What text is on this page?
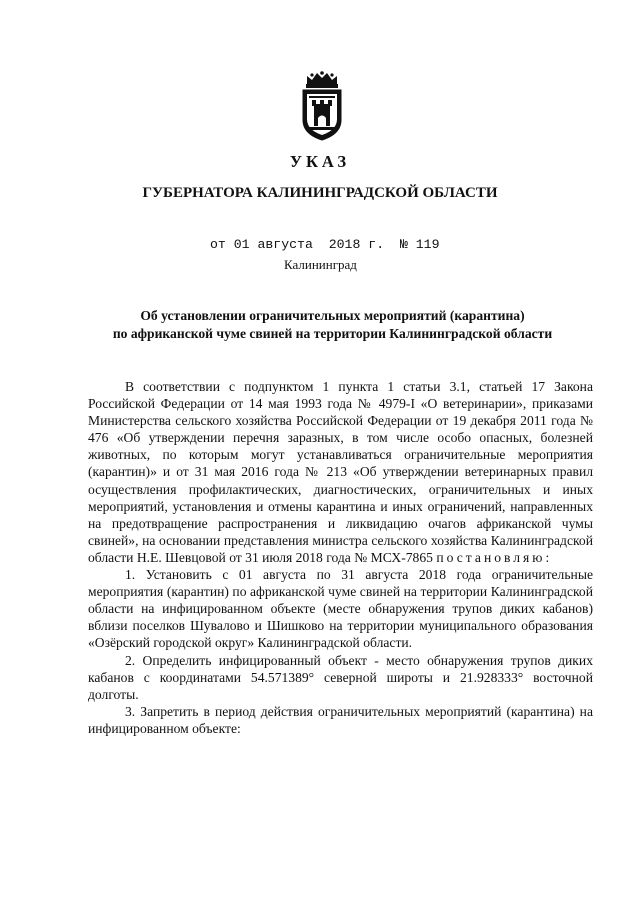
УКАЗ
ГУБЕРНАТОРА КАЛИНИНГРАДСКОЙ ОБЛАСТИ
от 01 августа  2018 г.  № 119
Калининград
Об установлении ограничительных мероприятий (карантина)
по африканской чуме свиней на территории Калининградской области

В соответствии с подпунктом 1 пункта 1 статьи 3.1, статьей 17 Закона Российской Федерации от 14 мая 1993 года № 4979-I «О ветеринарии», приказами Министерства сельского хозяйства Российской Федерации от 19 декабря 2011 года № 476 «Об утверждении перечня заразных, в том числе особо опасных, болезней животных, по которым могут устанавливаться ограничительные мероприятия (карантин)» и от 31 мая 2016 года № 213 «Об утверждении ветеринарных правил осуществления профилактических, диагностических, ограничительных и иных мероприятий, установления и отмены карантина и иных ограничений, направленных на предотвращение распространения и ликвидацию очагов африканской чумы свиней», на основании представления министра сельского хозяйства Калининградской области Н.Е. Шевцовой от 31 июля 2018 года № МСХ-7865 постановляю:

1. Установить с 01 августа по 31 августа 2018 года ограничительные мероприятия (карантин) по африканской чуме свиней на территории Калининградской области на инфицированном объекте (месте обнаружения трупов диких кабанов) вблизи поселков Шувалово и Шишково на территории муниципального образования «Озёрский городской округ» Калининградской области.

2. Определить инфицированный объект - место обнаружения трупов диких кабанов с координатами 54.571389° северной широты и 21.928333° восточной долготы.

3. Запретить в период действия ограничительных мероприятий (карантина) на инфицированном объекте:
